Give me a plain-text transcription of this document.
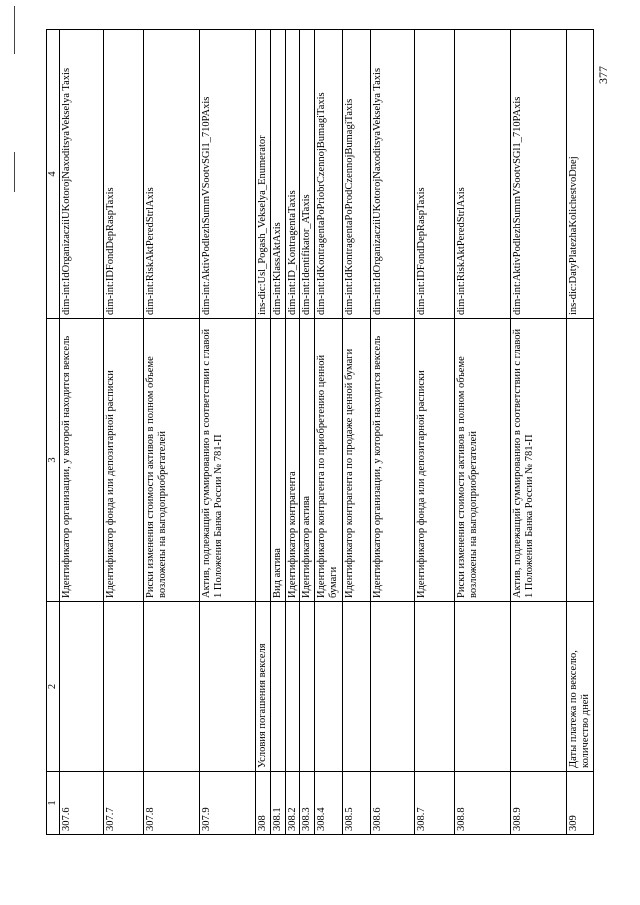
1	2	3	4
307.6		Идентификатор организации, у которой находится вексель	dim-int:IdOrganizacziiUKotorojNaxoditsyaVekselya Taxis
307.7		Идентификатор фонда или депозитарной расписки	dim-int:IDFondDepRaspTaxis
307.8		Риски изменения стоимости активов в полном объеме возложены на выгодоприобретателей	dim-int:RiskAktPeredStrlAxis
307.9		Актив, подлежащий суммированию в соответствии с главой 1 Положения Банка России № 781-П	dim-int:AktivPodlezhSummVSootvSGl1_710PAxis
308	Условия погашения векселя		ins-dic:Usl_Pogash_Vekselya_Enumerator
308.1		Вид актива	dim-int:KlassAktAxis
308.2		Идентификатор контрагента	dim-int:ID_KontragentaTaxis
308.3		Идентификатор актива	dim-int:Identifikator_ATaxis
308.4		Идентификатор контрагента по приобретению ценной бумаги	dim-int:IdKontragentaPoPriobrCzennojBumagiTaxis
308.5		Идентификатор контрагента по продаже ценной бумаги	dim-int:IdKontragentaPoProdCzennojBumagiTaxis
308.6		Идентификатор организации, у которой находится вексель	dim-int:IdOrganizacziiUKotorojNaxoditsyaVekselya Taxis
308.7		Идентификатор фонда или депозитарной расписки	dim-int:IDFondDepRaspTaxis
308.8		Риски изменения стоимости активов в полном объеме возложены на выгодоприобретателей	dim-int:RiskAktPeredStrlAxis
308.9		Актив, подлежащий суммированию в соответствии с главой 1 Положения Банка России № 781-П	dim-int:AktivPodlezhSummVSootvSGl1_710PAxis
309	Даты платежа по векселю, количество дней		ins-dic:DatyPlatezhaKolichestvoDnej
377
